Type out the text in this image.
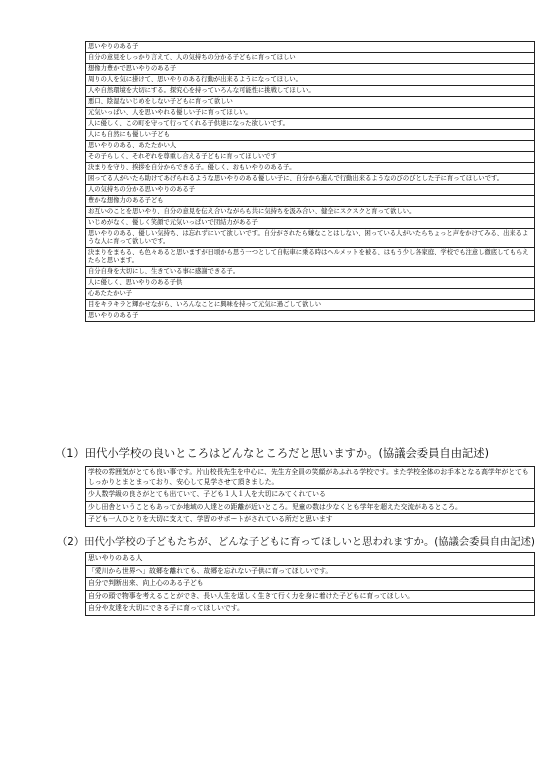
思いやりのある子
自分の意見をしっかり言えて、人の気持ちの分かる子どもに育ってほしい
想像力豊かで思いやりのある子
周りの人を気に掛けて、思いやりのある行動が出来るようになってほしい。
人や自然環境を大切にする。探究心を持っていろんな可能性に挑戦してほしい。
悪口、陰湿ないじめをしない子どもに育って欲しい
元気いっぱい、人を思いやれる優しい子に育ってほしい。
人に優しく、この町を守って行ってくれる子供達になった欲しいです。
人にも自然にも優しい子ども
思いやりのある、あたたかい人
その子らしく、それぞれを尊重し合える子どもに育ってほしいです
決まりを守り、挨拶を自分からできる子。優しく、おもいやりのある子。
困ってる人がいたら助けてあげられるような思いやりのある優しい子に、自分から進んで行動出来るようなのびのびとした子に育ってほしいです。
人の気持ちの分かる思いやりのある子
豊かな想像力のある子ども
お互いのことを思いやり、自分の意見を伝え合いながらも共に気持ちを汲み合い、健全にスクスクと育って欲しい。
いじめがなく、優しく笑顔で元気いっぱいで団結力がある子
思いやりのある、優しい気持ち、は忘れずにいて欲しいです。自分がされたら嫌なことはしない、困っている人がいたらちょっと声をかけてみる、出来るような人に育って欲しいです。
決まりをまもる、も色々あると思いますが日頃から思う一つとして自転車に乗る時はヘルメットを被る、はもう少し各家庭、学校でも注意し徹底してもらえたらと思います。
自分自身を大切にし、生きている事に感謝できる子。
人に優しく、思いやりのある子供
心あたたかい子
目をキラキラと輝かせながら、いろんなことに興味を持って元気に過ごして欲しい
思いやりのある子
（1）田代小学校の良いところはどんなところだと思いますか。(協議会委員自由記述)
学校の雰囲気がとても良い事です。片山校長先生を中心に、先生方全員の笑顔があふれる学校です。また学校全体のお手本となる高学年がとてもしっかりとまとまっており、安心して見学させて頂きました。
少人数学級の良さがとても出ていて、子ども１人１人を大切にみてくれている
少し田舎ということもあってか地域の人達との距離が近いところ。児童の数は少なくとも学年を超えた交流があるところ。
子ども一人ひとりを大切に支えて、学習のサポートがされている所だと思います
（2）田代小学校の子どもたちが、どんな子どもに育ってほしいと思われますか。(協議会委員自由記述)
思いやりのある人
「愛川から世界へ」故郷を離れても、故郷を忘れない子供に育ってほしいです。
自分で判断出来、向上心のある子ども
自分の頭で物事を考えることができ、長い人生を逞しく生きて行く力を身に着けた子どもに育ってほしい。
自分や友達を大切にできる子に育ってほしいです。
